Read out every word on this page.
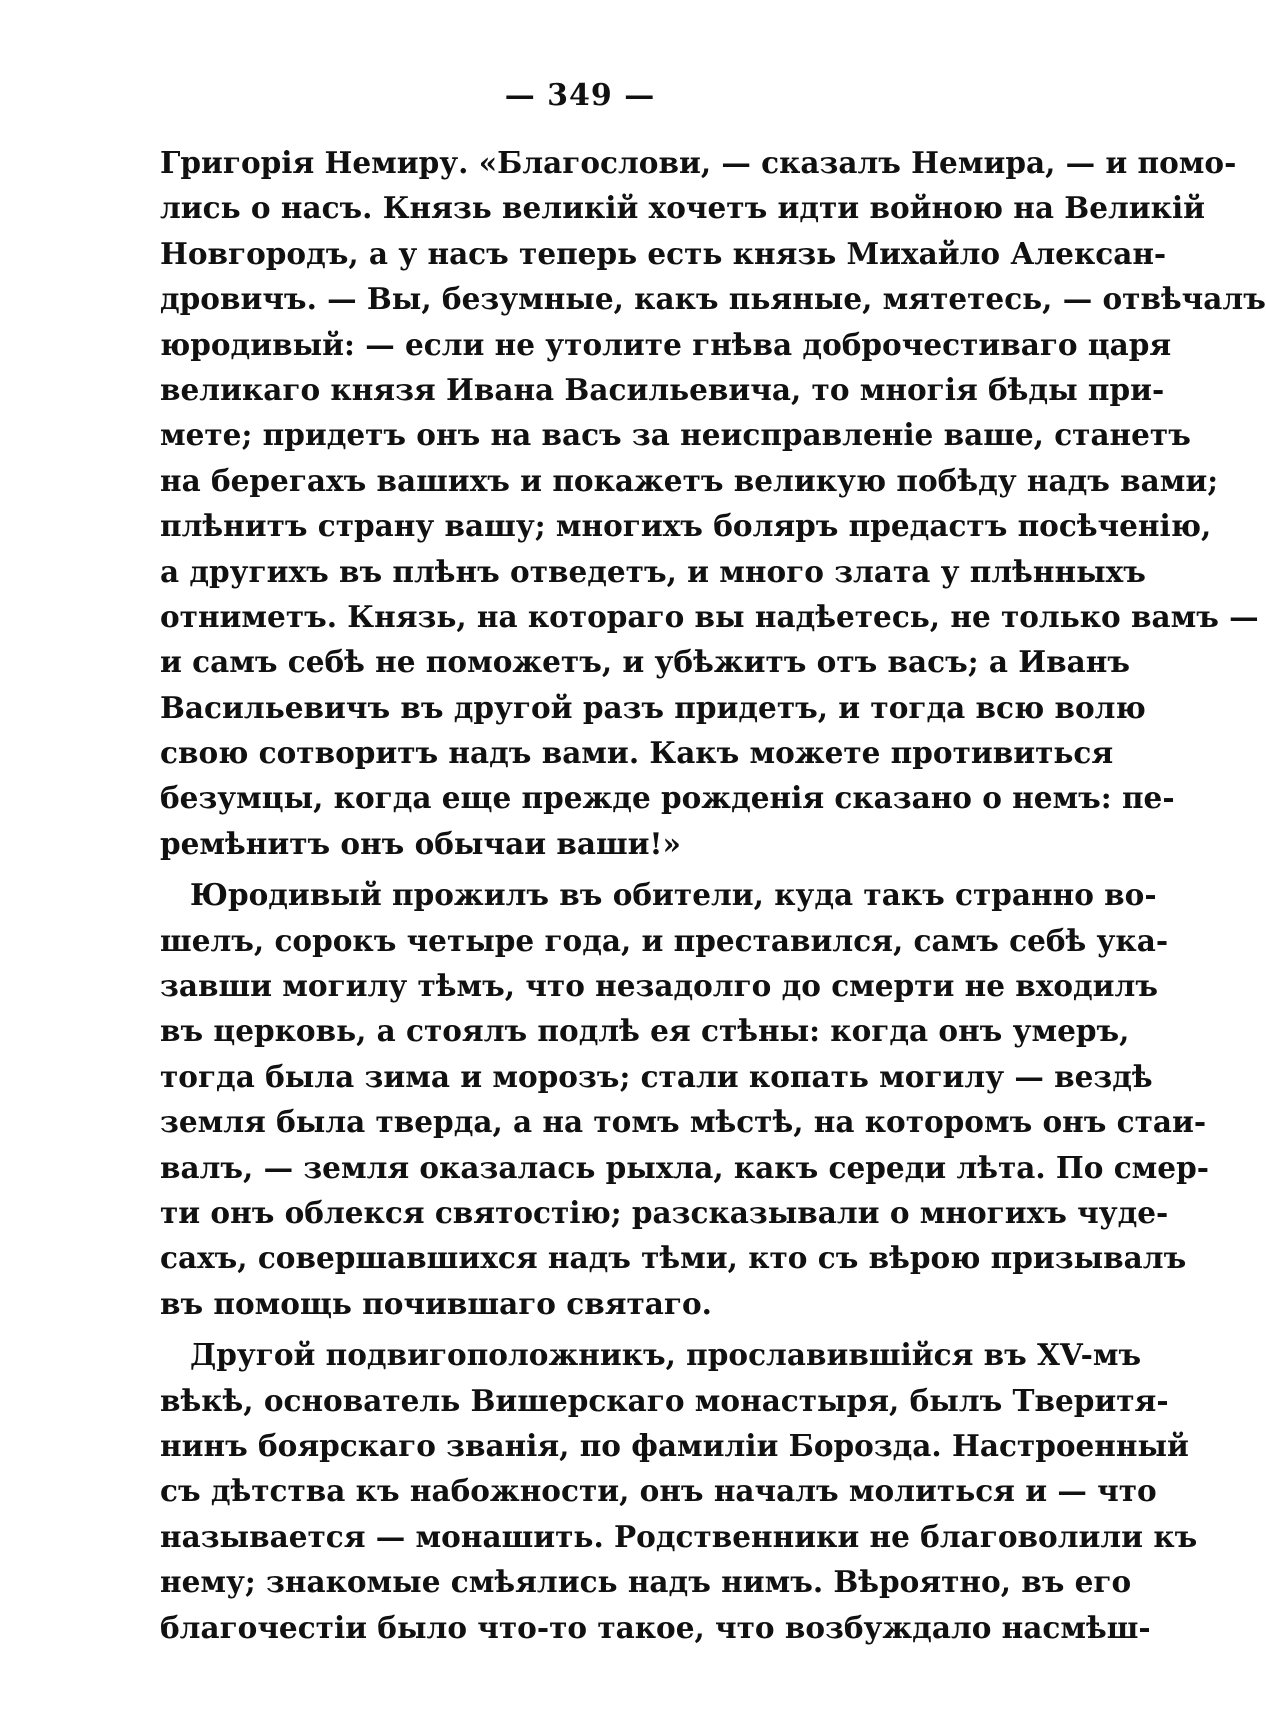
— 349 —
Григорія Немиру. «Благослови, — сказалъ Немира, — и помо-
лись о насъ. Князь великій хочетъ идти войною на Великій
Новгородъ, а у насъ теперь есть князь Михайло Алексан-
дровичъ. — Вы, безумные, какъ пьяные, мятетесь, — отвѣчалъ
юродивый: — если не утолите гнѣва доброчестиваго царя
великаго князя Ивана Васильевича, то многія бѣды при-
мете; придетъ онъ на васъ за неисправленіе ваше, станетъ
на берегахъ вашихъ и покажетъ великую побѣду надъ вами;
плѣнитъ страну вашу; многихъ боляръ предастъ посѣченію,
а другихъ въ плѣнъ отведетъ, и много злата у плѣнныхъ
отниметъ. Князь, на котораго вы надѣетесь, не только вамъ —
и самъ себѣ не поможетъ, и убѣжитъ отъ васъ; а Иванъ
Васильевичъ въ другой разъ придетъ, и тогда всю волю
свою сотворитъ надъ вами. Какъ можете противиться
безумцы, когда еще прежде рожденія сказано о немъ: пе-
ремѣнитъ онъ обычаи ваши!»
Юродивый прожилъ въ обители, куда такъ странно во-
шелъ, сорокъ четыре года, и преставился, самъ себѣ ука-
завши могилу тѣмъ, что незадолго до смерти не входилъ
въ церковь, а стоялъ подлѣ ея стѣны: когда онъ умеръ,
тогда была зима и морозъ; стали копать могилу — вездѣ
земля была тверда, а на томъ мѣстѣ, на которомъ онъ стаи-
валъ, — земля оказалась рыхла, какъ середи лѣта. По смер-
ти онъ облекся святостію; разсказывали о многихъ чуде-
сахъ, совершавшихся надъ тѣми, кто съ вѣрою призывалъ
въ помощь почившаго святаго.
Другой подвигоположникъ, прославившійся въ XV-мъ
вѣкѣ, основатель Вишерскаго монастыря, былъ Тверитя-
нинъ боярскаго званія, по фамиліи Борозда. Настроенный
съ дѣтства къ набожности, онъ началъ молиться и — что
называется — монашить. Родственники не благоволили къ
нему; знакомые смѣялись надъ нимъ. Вѣроятно, въ его
благочестіи было что-то такое, что возбуждало насмѣш-
